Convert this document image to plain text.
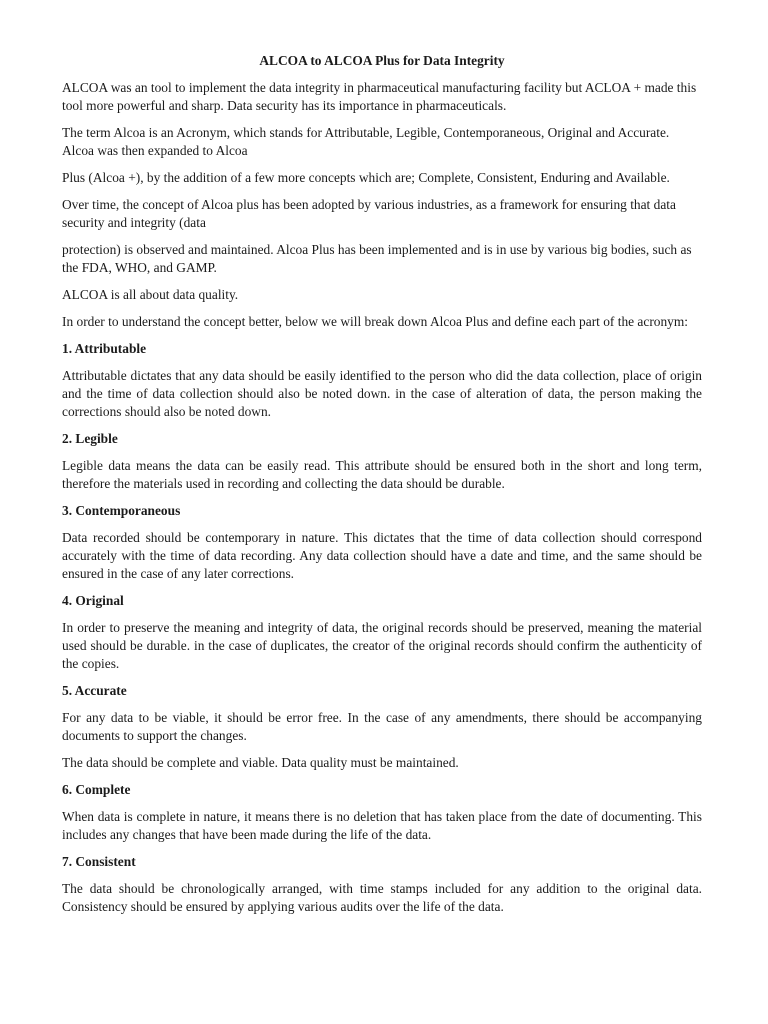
ALCOA to ALCOA Plus for Data Integrity

ALCOA was an tool to implement the data integrity in pharmaceutical manufacturing facility but ACLOA + made this tool more powerful and sharp. Data security has its importance in pharmaceuticals.

The term Alcoa is an Acronym, which stands for Attributable, Legible, Contemporaneous, Original and Accurate. Alcoa was then expanded to Alcoa

Plus (Alcoa +), by the addition of a few more concepts which are; Complete, Consistent, Enduring and Available.

Over time, the concept of Alcoa plus has been adopted by various industries, as a framework for ensuring that data security and integrity (data

protection) is observed and maintained. Alcoa Plus has been implemented and is in use by various big bodies, such as the FDA, WHO, and GAMP.

ALCOA is all about data quality.

In order to understand the concept better, below we will break down Alcoa Plus and define each part of the acronym:

1. Attributable

Attributable dictates that any data should be easily identified to the person who did the data collection, place of origin and the time of data collection should also be noted down. in the case of alteration of data, the person making the corrections should also be noted down.

2. Legible

Legible data means the data can be easily read. This attribute should be ensured both in the short and long term, therefore the materials used in recording and collecting the data should be durable.

3. Contemporaneous

Data recorded should be contemporary in nature. This dictates that the time of data collection should correspond accurately with the time of data recording. Any data collection should have a date and time, and the same should be ensured in the case of any later corrections.

4. Original

In order to preserve the meaning and integrity of data, the original records should be preserved, meaning the material used should be durable. in the case of duplicates, the creator of the original records should confirm the authenticity of the copies.

5. Accurate

For any data to be viable, it should be error free. In the case of any amendments, there should be accompanying documents to support the changes.

The data should be complete and viable. Data quality must be maintained.

6. Complete

When data is complete in nature, it means there is no deletion that has taken place from the date of documenting. This includes any changes that have been made during the life of the data.

7. Consistent

The data should be chronologically arranged, with time stamps included for any addition to the original data. Consistency should be ensured by applying various audits over the life of the data.
